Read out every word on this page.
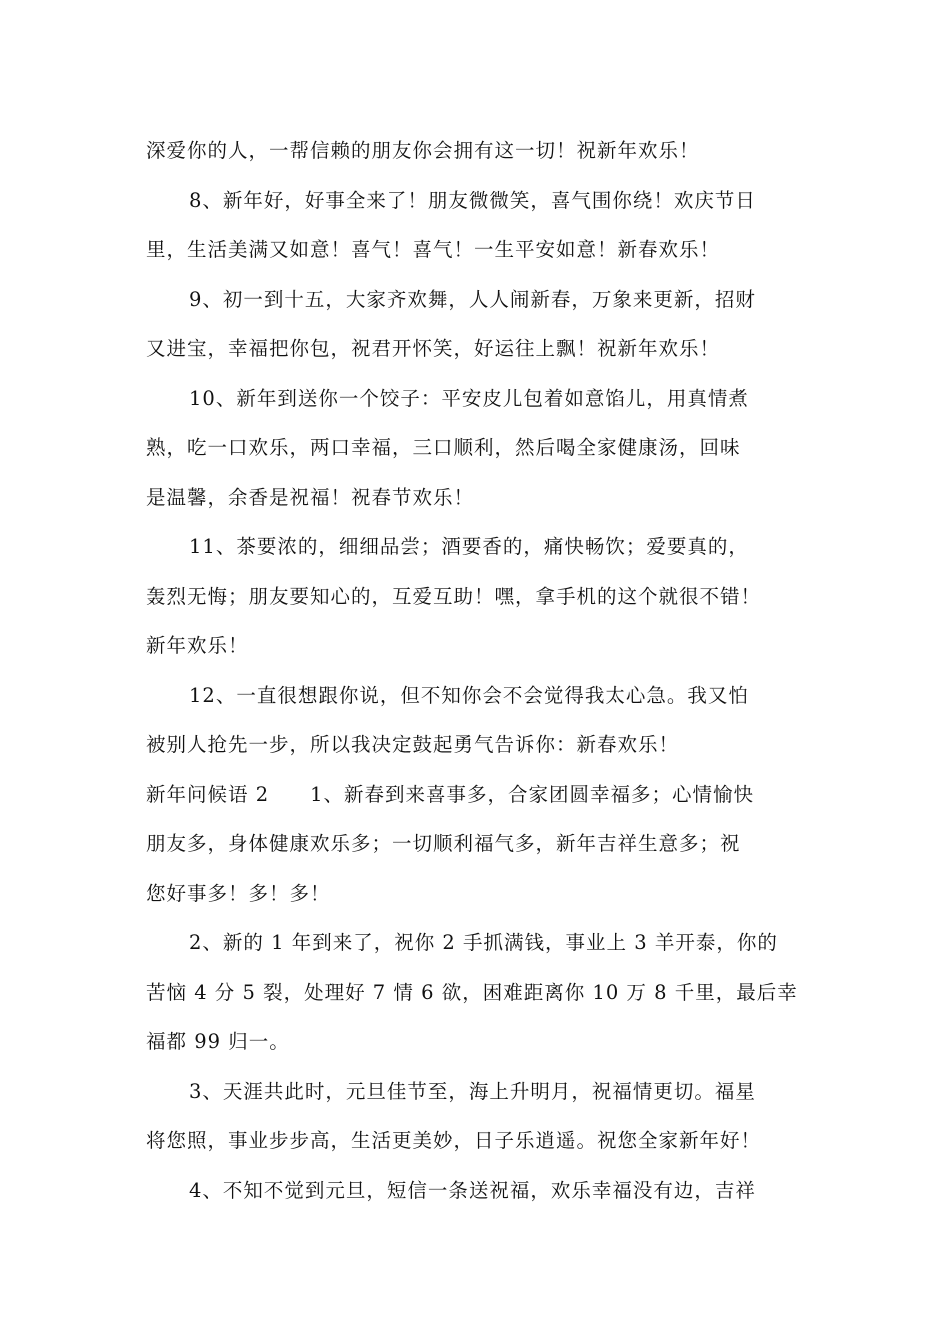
深爱你的人，一帮信赖的朋友你会拥有这一切！祝新年欢乐！
8、新年好，好事全来了！朋友微微笑，喜气围你绕！欢庆节日
里，生活美满又如意！喜气！喜气！一生平安如意！新春欢乐！
9、初一到十五，大家齐欢舞，人人闹新春，万象来更新，招财
又进宝，幸福把你包，祝君开怀笑，好运往上飘！祝新年欢乐！
10、新年到送你一个饺子：平安皮儿包着如意馅儿，用真情煮
熟，吃一口欢乐，两口幸福，三口顺利，然后喝全家健康汤，回味
是温馨，余香是祝福！祝春节欢乐！
11、茶要浓的，细细品尝；酒要香的，痛快畅饮；爱要真的，
轰烈无悔；朋友要知心的，互爱互助！嘿，拿手机的这个就很不错！
新年欢乐！
12、一直很想跟你说，但不知你会不会觉得我太心急。我又怕
被别人抢先一步，所以我决定鼓起勇气告诉你：新春欢乐！
新年问候语 2　　1、新春到来喜事多，合家团圆幸福多；心情愉快
朋友多，身体健康欢乐多；一切顺利福气多，新年吉祥生意多；祝
您好事多！多！多！
2、新的 1 年到来了，祝你 2 手抓满钱，事业上 3 羊开泰，你的
苦恼 4 分 5 裂，处理好 7 情 6 欲，困难距离你 10 万 8 千里，最后幸
福都 99 归一。
3、天涯共此时，元旦佳节至，海上升明月，祝福情更切。福星
将您照，事业步步高，生活更美妙，日子乐逍遥。祝您全家新年好！
4、不知不觉到元旦，短信一条送祝福，欢乐幸福没有边，吉祥
